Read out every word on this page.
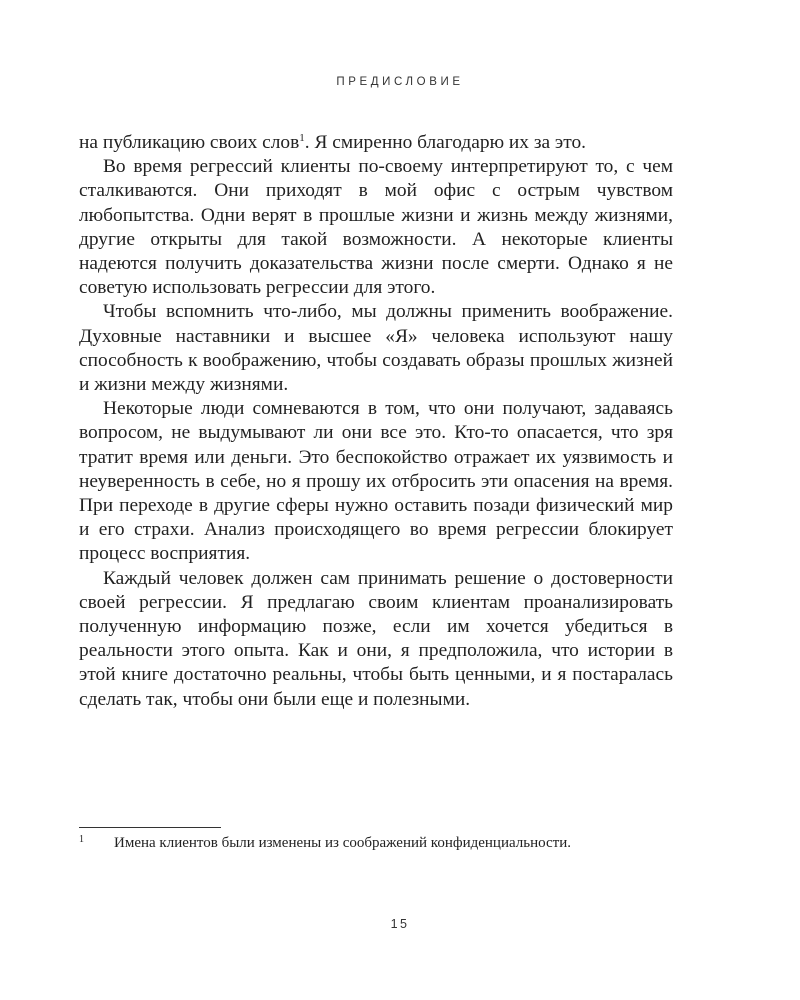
ПРЕДИСЛОВИЕ

на публикацию своих слов$^1$. Я смиренно благодарю их за это.

Во время регрессий клиенты по-своему интерпретируют то, с чем сталкиваются. Они приходят в мой офис с острым чувством любопытства. Одни верят в прошлые жизни и жизнь между жизнями, другие открыты для такой возможности. А некоторые клиенты надеются получить доказательства жизни после смерти. Однако я не советую использовать регрессии для этого.

Чтобы вспомнить что-либо, мы должны применить воображение. Духовные наставники и высшее «Я» человека используют нашу способность к воображению, чтобы создавать образы прошлых жизней и жизни между жизнями.

Некоторые люди сомневаются в том, что они получают, задаваясь вопросом, не выдумывают ли они все это. Кто-то опасается, что зря тратит время или деньги. Это беспокойство отражает их уязвимость и неуверенность в себе, но я прошу их отбросить эти опасения на время. При переходе в другие сферы нужно оставить позади физический мир и его страхи. Анализ происходящего во время регрессии блокирует процесс восприятия.

Каждый человек должен сам принимать решение о достоверности своей регрессии. Я предлагаю своим клиентам проанализировать полученную информацию позже, если им хочется убедиться в реальности этого опыта. Как и они, я предположила, что истории в этой книге достаточно реальны, чтобы быть ценными, и я постаралась сделать так, чтобы они были еще и полезными.

1 Имена клиентов были изменены из соображений конфиденциальности.
15
